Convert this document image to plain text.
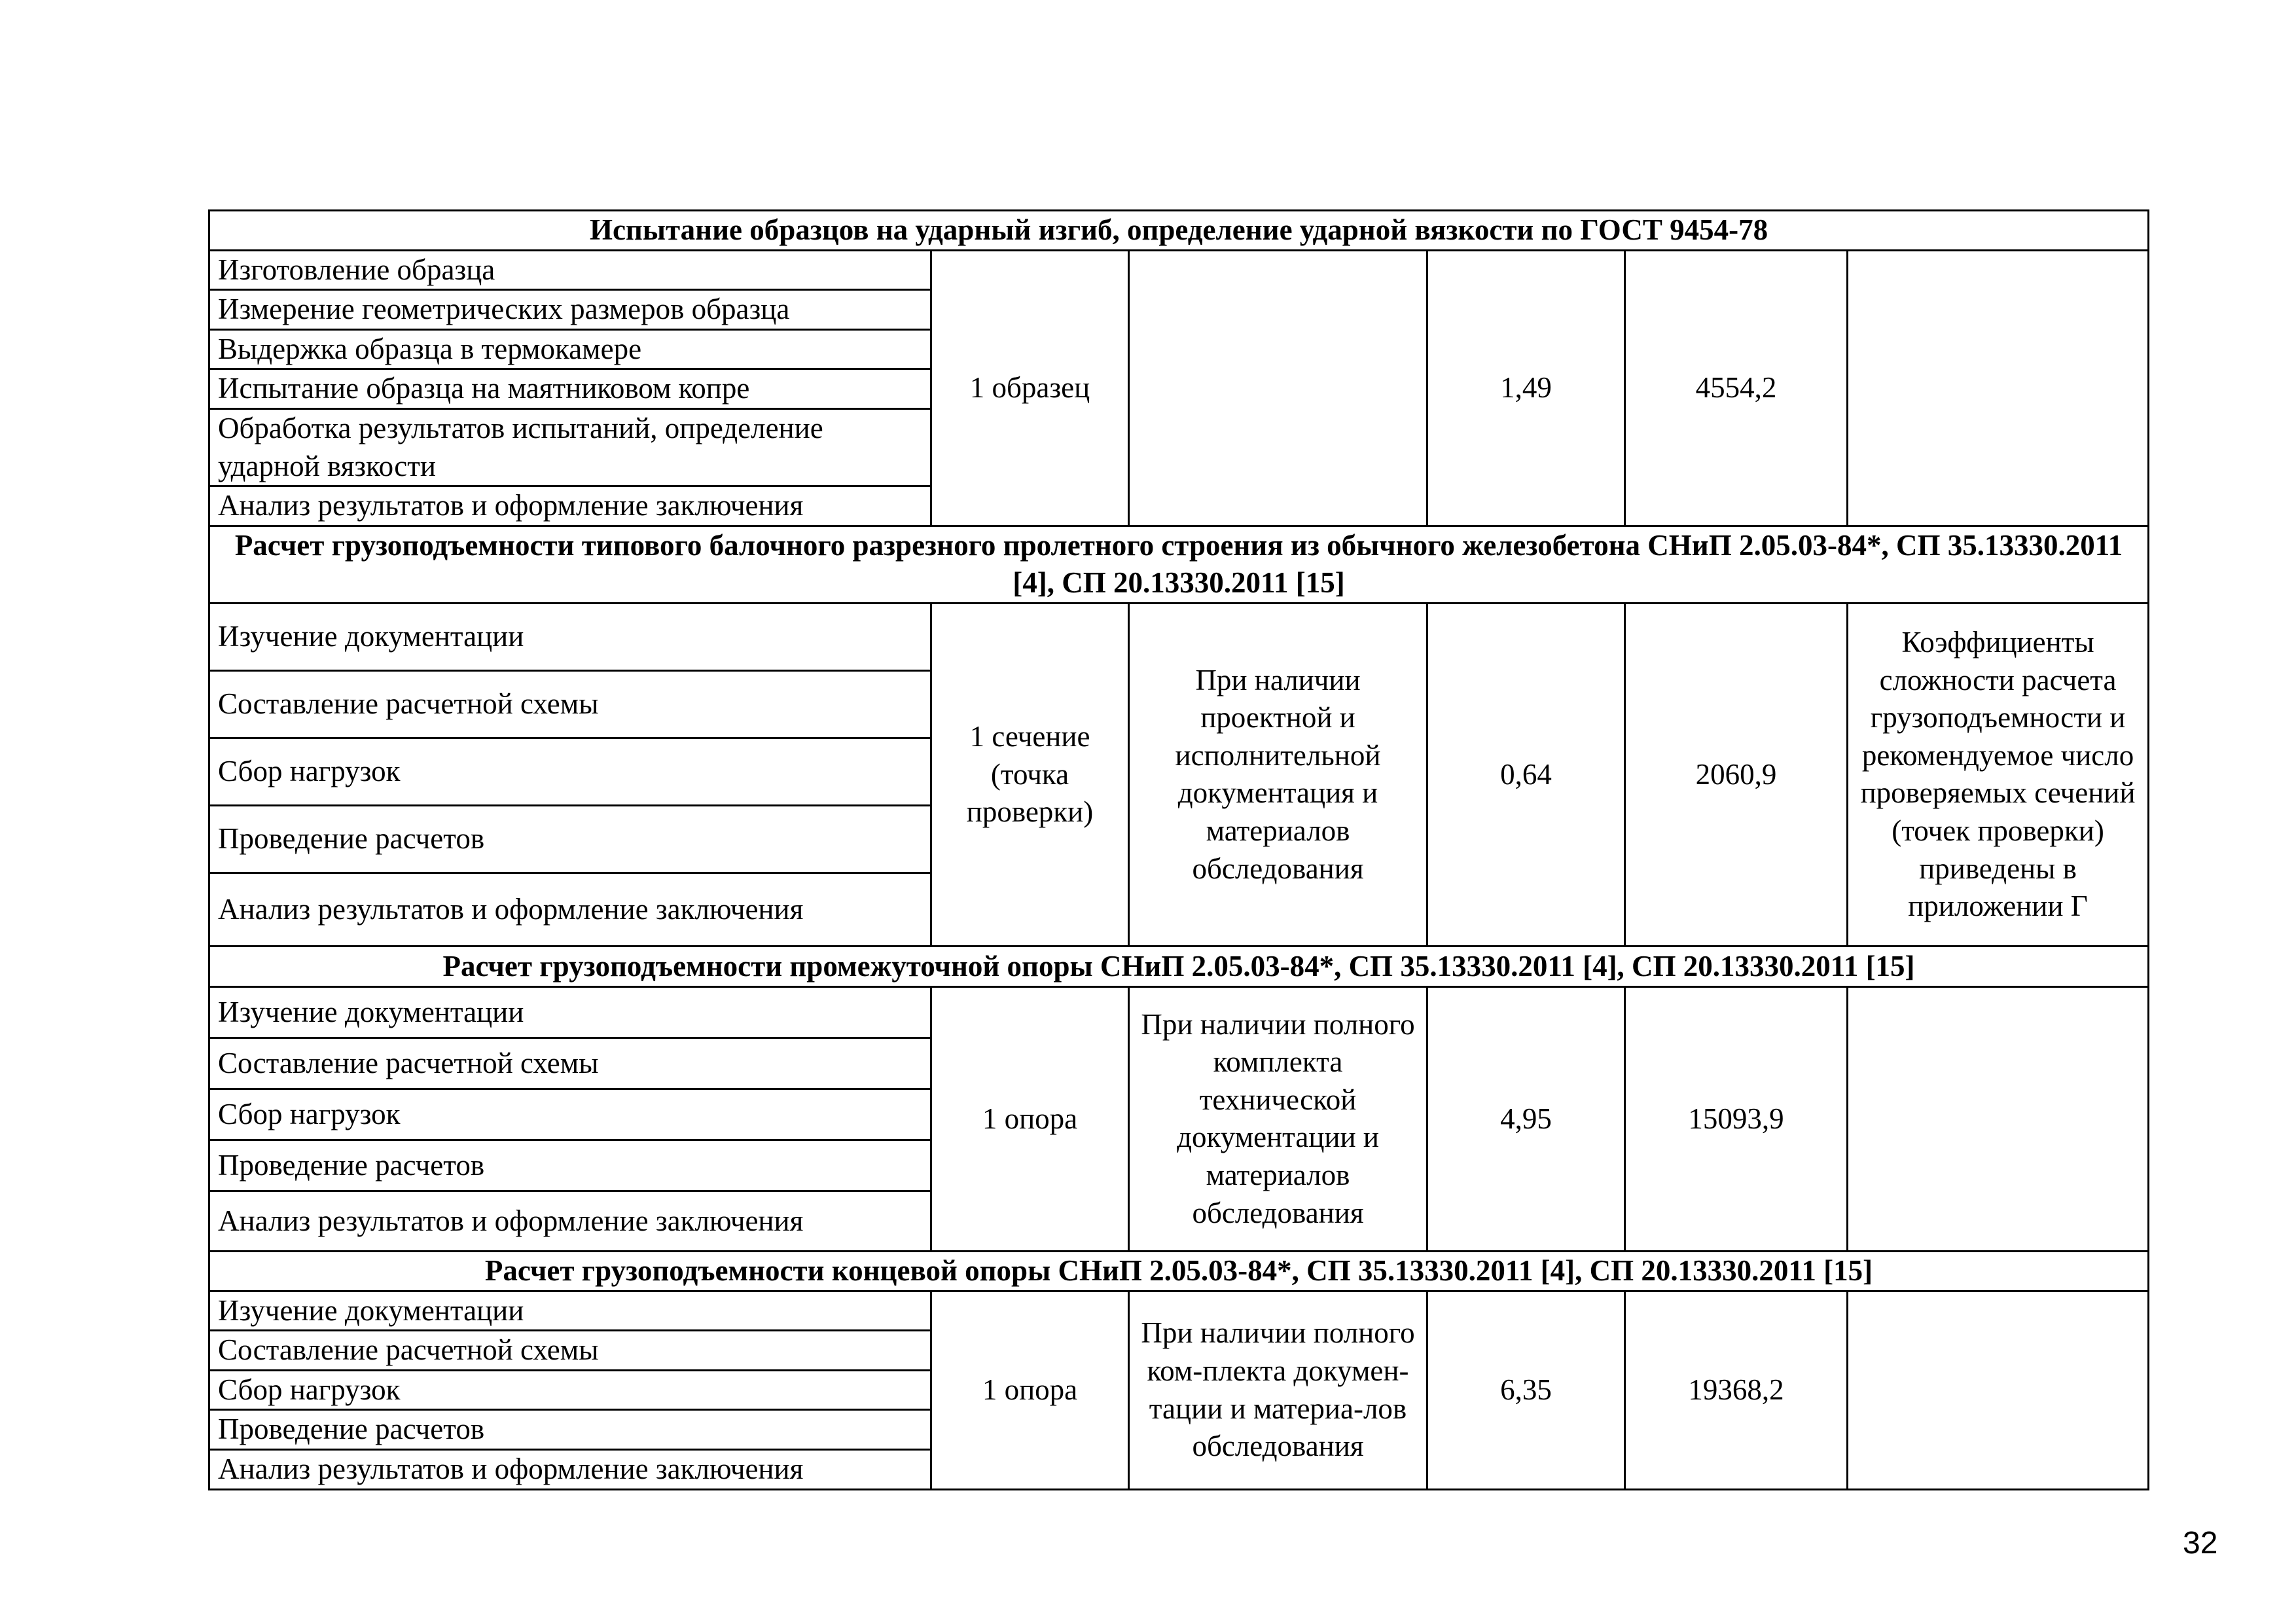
Испытание образцов на ударный изгиб, определение ударной вязкости по ГОСТ 9454-78					
Изготовление образца	1 образец		1,49	4554,2	
Измерение геометрических размеров образца					
Выдержка образца в термокамере					
Испытание образца на маятниковом копре					
Обработка результатов испытаний, определение ударной вязкости					
Анализ результатов и оформление заключения					
Расчет грузоподъемности типового балочного разрезного пролетного строения из обычного железобетона СНиП 2.05.03-84*, СП 35.13330.2011 [4], СП 20.13330.2011 [15]					
Изучение документации	1 сечение (точка проверки)	При наличии проектной и исполнительной документация и материалов обследования	0,64	2060,9	Коэффициенты сложности расчета грузоподъемности и рекомендуемое число проверяемых сечений (точек проверки) приведены в приложении Г
Составление расчетной схемы					
Сбор нагрузок					
Проведение расчетов					
Анализ результатов и оформление заключения					
Расчет грузоподъемности промежуточной опоры СНиП 2.05.03-84*, СП 35.13330.2011 [4], СП 20.13330.2011 [15]					
Изучение документации	1 опора	При наличии полного комплекта технической документации и материалов обследования	4,95	15093,9	
Составление расчетной схемы					
Сбор нагрузок					
Проведение расчетов					
Анализ результатов и оформление заключения					
Расчет грузоподъемности концевой опоры СНиП 2.05.03-84*, СП 35.13330.2011 [4], СП 20.13330.2011 [15]					
Изучение документации	1 опора	При наличии полного ком-плекта докумен-тации и материа-лов обследования	6,35	19368,2	
Составление расчетной схемы					
Сбор нагрузок					
Проведение расчетов					
Анализ результатов и оформление заключения					
32
